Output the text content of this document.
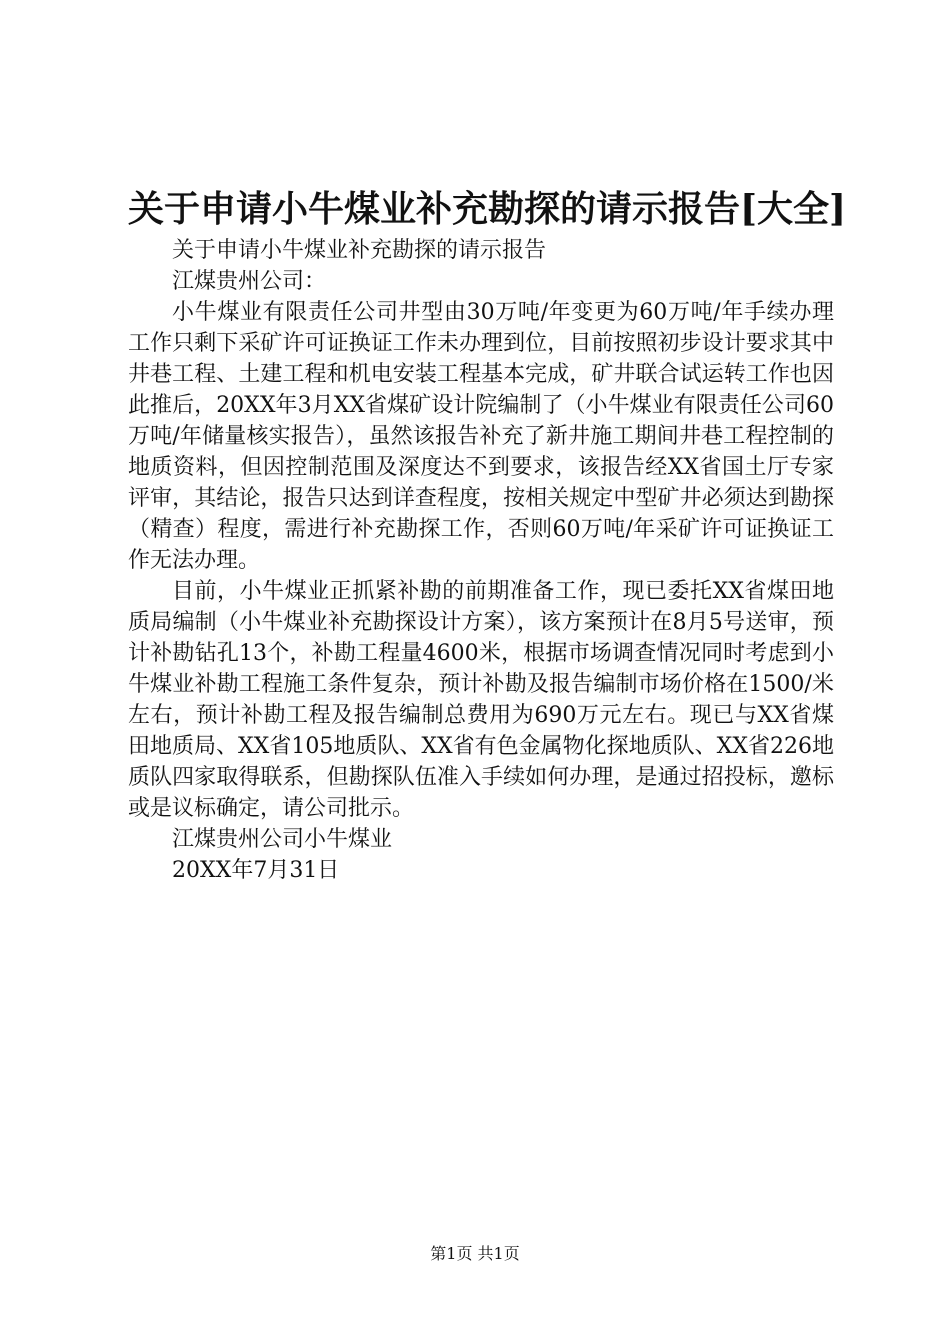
关于申请小牛煤业补充勘探的请示报告[大全]

关于申请小牛煤业补充勘探的请示报告

江煤贵州公司：

小牛煤业有限责任公司井型由30万吨/年变更为60万吨/年手续办理工作只剩下采矿许可证换证工作未办理到位，目前按照初步设计要求其中井巷工程、土建工程和机电安装工程基本完成，矿井联合试运转工作也因此推后，20XX年3月XX省煤矿设计院编制了（小牛煤业有限责任公司60万吨/年储量核实报告），虽然该报告补充了新井施工期间井巷工程控制的地质资料，但因控制范围及深度达不到要求，该报告经XX省国土厅专家评审，其结论，报告只达到详查程度，按相关规定中型矿井必须达到勘探（精查）程度，需进行补充勘探工作，否则60万吨/年采矿许可证换证工作无法办理。

目前，小牛煤业正抓紧补勘的前期准备工作，现已委托XX省煤田地质局编制（小牛煤业补充勘探设计方案），该方案预计在8月5号送审，预计补勘钻孔13个，补勘工程量4600米，根据市场调查情况同时考虑到小牛煤业补勘工程施工条件复杂，预计补勘及报告编制市场价格在1500/米左右，预计补勘工程及报告编制总费用为690万元左右。现已与XX省煤田地质局、XX省105地质队、XX省有色金属物化探地质队、XX省226地质队四家取得联系，但勘探队伍准入手续如何办理，是通过招投标，邀标或是议标确定，请公司批示。

江煤贵州公司小牛煤业

20XX年7月31日

第1页 共1页
